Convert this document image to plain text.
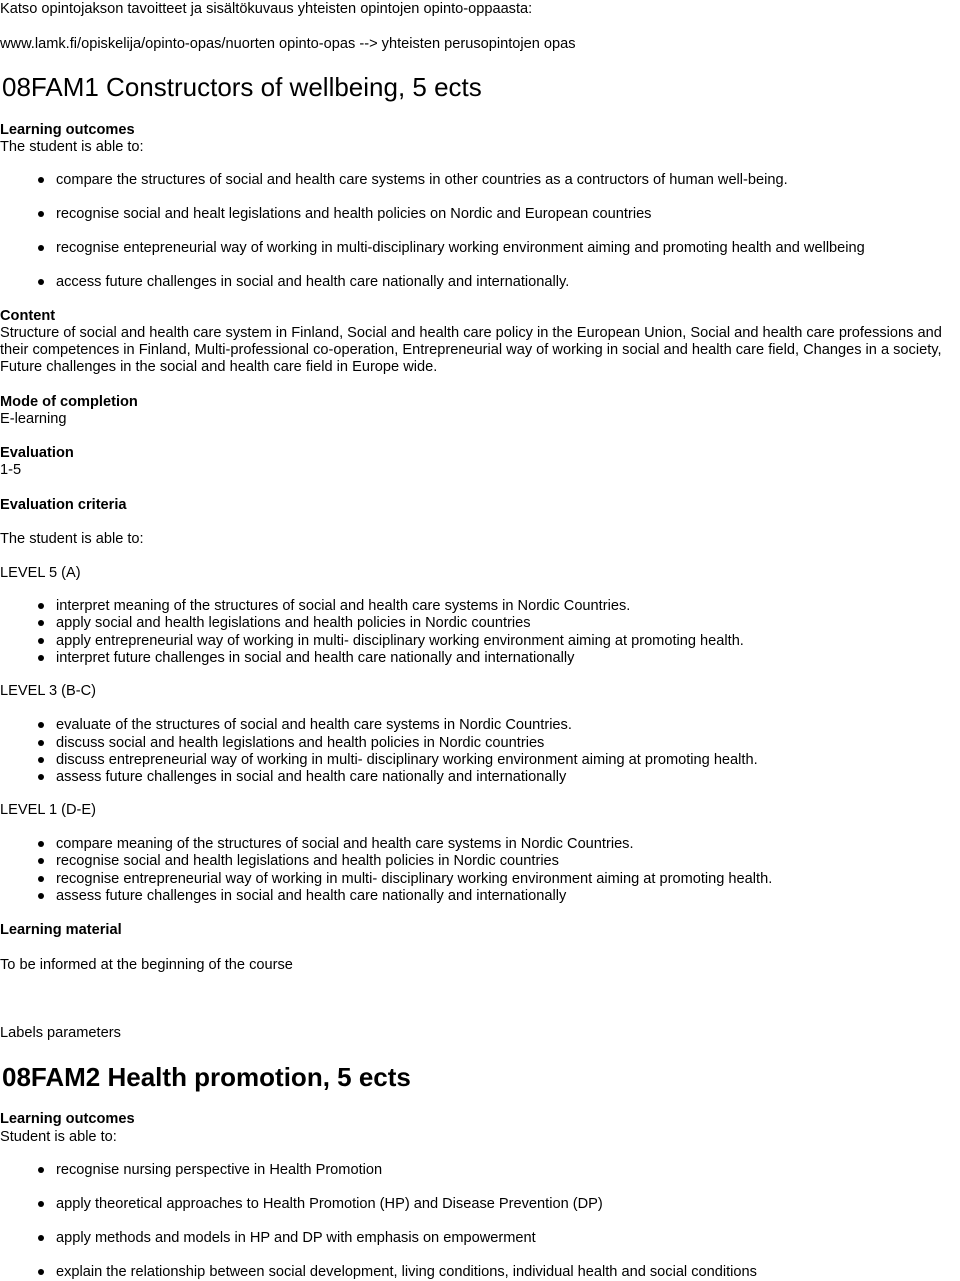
Katso opintojakson tavoitteet ja sisältökuvaus yhteisten opintojen opinto-oppaasta:
www.lamk.fi/opiskelija/opinto-opas/nuorten opinto-opas --> yhteisten perusopintojen opas
08FAM1 Constructors of wellbeing, 5 ects
Learning outcomes
The student is able to:
compare the structures of social and health care systems in other countries as a contructors of human well-being.
recognise social and healt legislations and health policies on Nordic and European countries
recognise entepreneurial way of working in multi-disciplinary working environment aiming and promoting health and wellbeing
access future challenges in social and health care nationally and internationally.
Content
Structure of social and health care system in Finland, Social and health care policy in the European Union, Social and health care professions and their competences in Finland, Multi-professional co-operation, Entrepreneurial way of working in social and health care field, Changes in a society, Future challenges in the social and health care field in Europe wide.
Mode of completion
E-learning
Evaluation
1-5
Evaluation criteria
The student is able to:
LEVEL 5 (A)
interpret meaning of the structures of social and health care systems in Nordic Countries.
apply social and health legislations and health policies in Nordic countries
apply entrepreneurial way of working in multi- disciplinary working environment aiming at promoting health.
interpret future challenges in social and health care nationally and internationally
LEVEL 3 (B-C)
evaluate of the structures of social and health care systems in Nordic Countries.
discuss social and health legislations and health policies in Nordic countries
discuss entrepreneurial way of working in multi- disciplinary working environment aiming at promoting health.
assess future challenges in social and health care nationally and internationally
LEVEL 1 (D-E)
compare meaning of the structures of social and health care systems in Nordic Countries.
recognise social and health legislations and health policies in Nordic countries
recognise entrepreneurial way of working in multi- disciplinary working environment aiming at promoting health.
assess future challenges in social and health care nationally and internationally
Learning material
To be informed at the beginning of the course
Labels parameters
08FAM2 Health promotion, 5 ects
Learning outcomes
Student is able to:
recognise nursing perspective in Health Promotion
apply theoretical approaches to Health Promotion (HP) and Disease Prevention (DP)
apply methods and models in HP and DP with emphasis on empowerment
explain the relationship between social development, living conditions, individual health and social conditions
